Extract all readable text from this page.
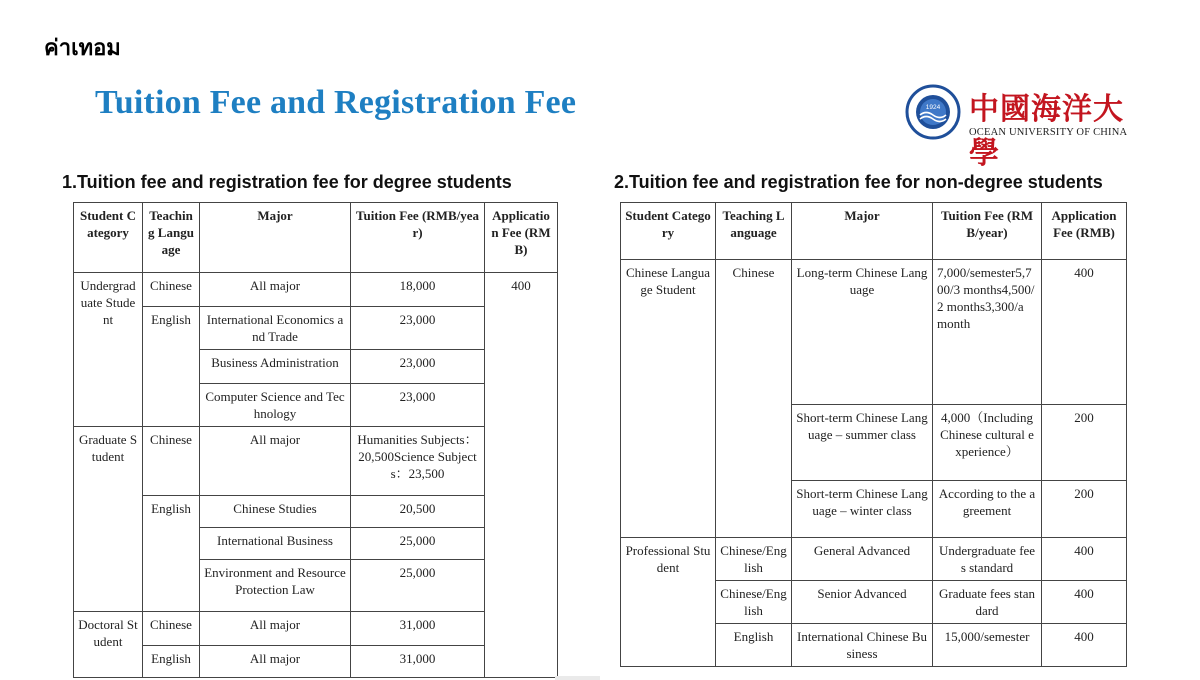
ค่าเทอม
Tuition Fee and Registration Fee	1924 中國海洋大學
OCEAN UNIVERSITY OF CHINA
1.Tuition fee and registration fee for degree students	2.Tuition fee and registration fee for non-degree students
Student Category	Teaching Language	Major	Tuition Fee (RMB/year)	Application Fee (RMB)
Undergraduate Student	Chinese	All major	18,000	400
	English	International Economics and Trade	23,000	
		Business Administration	23,000	
		Computer Science and Technology	23,000	
Graduate Student	Chinese	All major	Humanities Subjects：20,500Science Subjects：23,500	
	English	Chinese Studies	20,500	
		International Business	25,000	
		Environment and Resource Protection Law	25,000	
Doctoral Student	Chinese	All major	31,000	
	English	All major	31,000	
Student Category	Teaching Language	Major	Tuition Fee (RMB/year)	Application Fee (RMB)
Chinese Language Student	Chinese	Long-term Chinese Language	7,000/semester5,700/3 months4,500/2 months3,300/a month	400
		Short-term Chinese Language – summer class	4,000（Including Chinese cultural experience）	200
		Short-term Chinese Language – winter class	According to the agreement	200
Professional Student	Chinese/English	General Advanced	Undergraduate fees standard	400
	Chinese/English	Senior Advanced	Graduate fees standard	400
	English	International Chinese Business	15,000/semester	400
